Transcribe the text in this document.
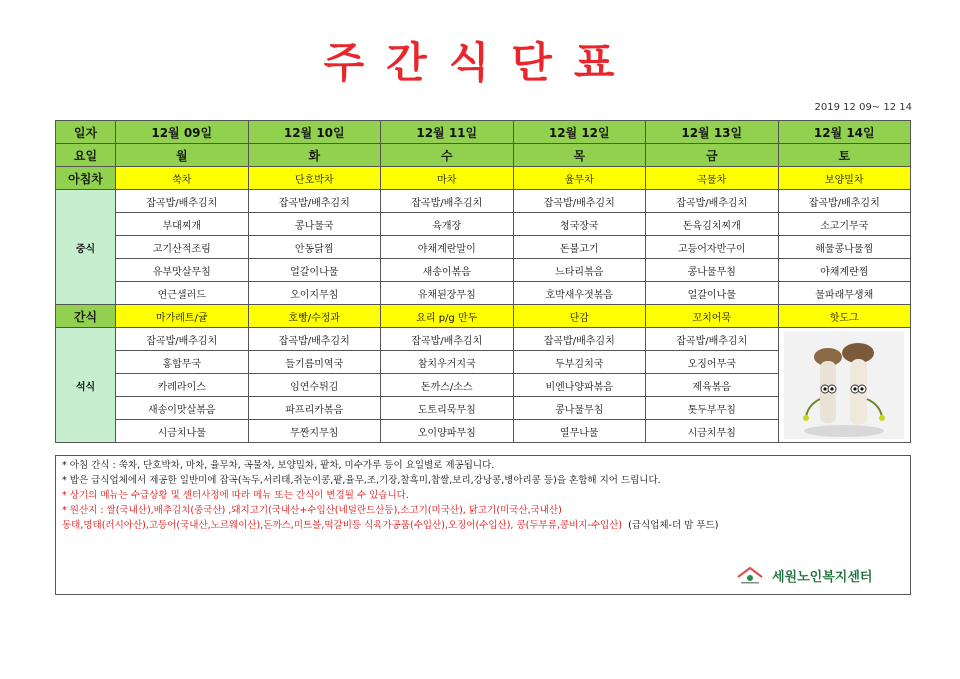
주간식단표
2019 12 09~ 12 14
일자	12월 09일	12월 10일	12월 11일	12월 12일	12월 13일	12월 14일
요일	월	화	수	목	금	토
아침차	쑥차	단호박차	마차	율무차	곡물차	보양밀차
중식	잡곡밥/배추김치	잡곡밥/배추김치	잡곡밥/배추김치	잡곡밥/배추김치	잡곡밥/배추김치	잡곡밥/배추김치
	부대찌개	콩나물국	육개장	청국장국	돈육김치찌개	소고기무국
	고기산적조림	안동닭찜	야채계란말이	돈불고기	고등어자반구이	해물콩나물찜
	유부맛살무침	얼갈이나물	새송이볶음	느타리볶음	콩나물무침	야채계란찜
	연근샐러드	오이지무침	유채된장무침	호박새우젓볶음	얼갈이나물	물파래무생채
간식	마가레트/귤	호빵/수정과	요리 p/g 만두	단감	꼬치어묵	핫도그
석식	잡곡밥/배추김치	잡곡밥/배추김치	잡곡밥/배추김치	잡곡밥/배추김치	잡곡밥/배추김치	

	홍합무국	들기름미역국	참치우거지국	두부김치국	오징어무국	
	카레라이스	임연수튀김	돈까스/소스	비엔나양파볶음	제육볶음	
	새송이맛살볶음	파프리카볶음	도토리묵무침	콩나물무침	톳두부무침	
	시금치나물	무짠지무침	오이양파무침	열무나물	시금치무침	

* 아침 간식 : 쑥차, 단호박차, 마차, 율무차, 곡물차, 보양밀차, 팥차, 미수가루 등이 요일별로 제공됩니다.

* 밥은 급식업체에서 제공한 일반미에 잡곡(녹두,서리태,쥐눈이콩,팥,율무,조,기장,찰흑미,찹쌀,보리,강낭콩,병아리콩 등)을 혼합해 지어 드립니다.

* 상기의 메뉴는 수급상황 및 센터사정에 따라 메뉴 또는 간식이 변경될 수 있습니다.

* 원산지 : 쌀(국내산),배추김치(중국산) ,돼지고기(국내산+수입산(네덜란드산등),소고기(미국산), 닭고기(미국산,국내산)

동태,명태(러시아산),고등어(국내산,노르웨이산),돈까스,미트볼,떡갈비등 식육가공품(수입산),오징어(수입산), 콩(두부류,콩비지-수입산) (급식업체-더 맘 푸드)

세원노인복지센터
